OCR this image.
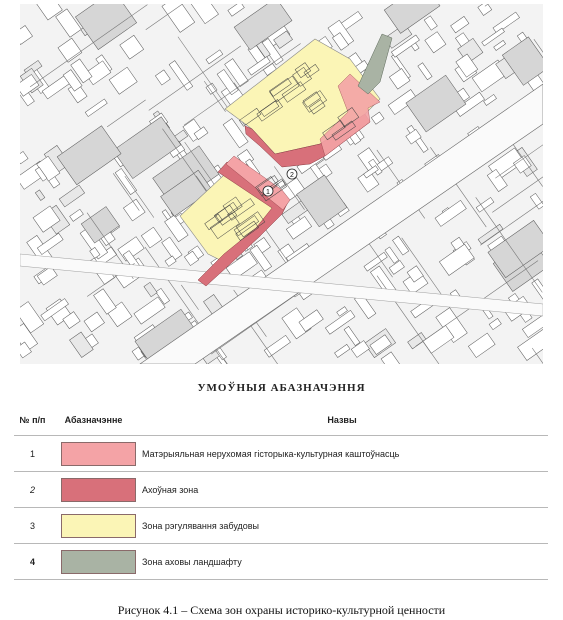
1
2
УМОЎНЫЯ АБАЗНАЧЭННЯ
№ п/п	Абазначэнне	Назвы
1		Матэрыяльная нерухомая гісторыка-культурная каштоўнасць
2		Ахоўная зона
3		Зона рэгулявання забудовы
4		Зона аховы ландшафту
Рисунок 4.1 – Схема зон охраны историко-культурной ценности
